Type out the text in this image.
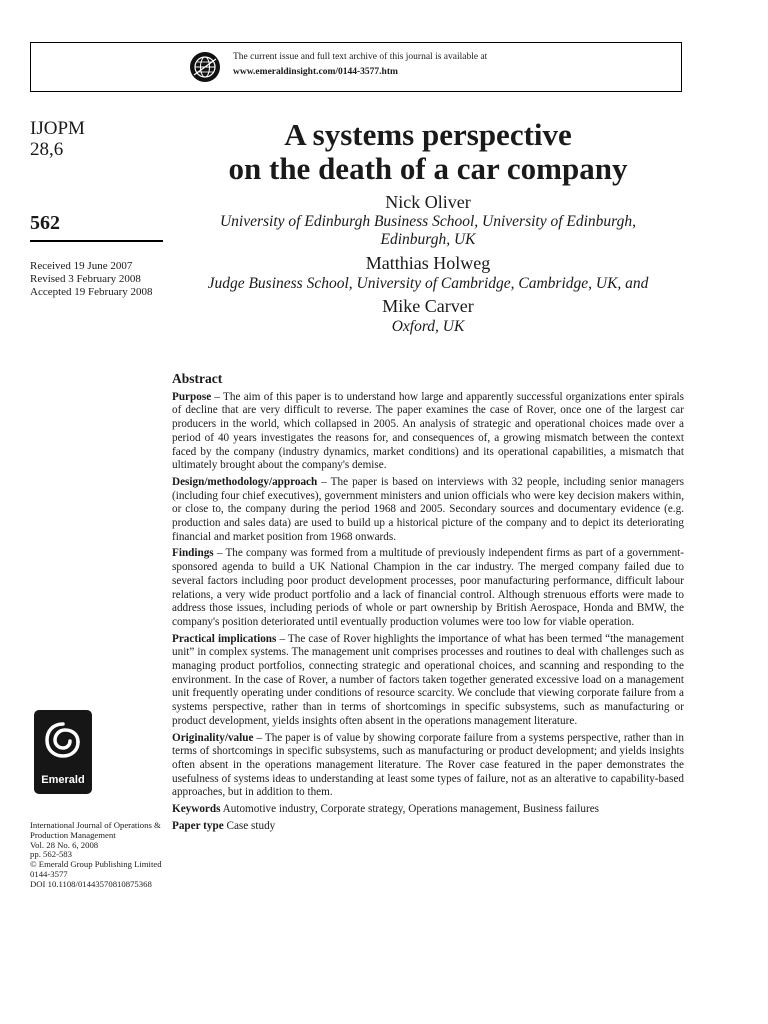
The current issue and full text archive of this journal is available at
www.emeraldinsight.com/0144-3577.htm
IJOPM
28,6
562
Received 19 June 2007
Revised 3 February 2008
Accepted 19 February 2008
A systems perspective
on the death of a car company
Nick Oliver
University of Edinburgh Business School, University of Edinburgh,
Edinburgh, UK
Matthias Holweg
Judge Business School, University of Cambridge, Cambridge, UK, and
Mike Carver
Oxford, UK
Abstract

Purpose – The aim of this paper is to understand how large and apparently successful organizations enter spirals of decline that are very difficult to reverse. The paper examines the case of Rover, once one of the largest car producers in the world, which collapsed in 2005. An analysis of strategic and operational choices made over a period of 40 years investigates the reasons for, and consequences of, a growing mismatch between the context faced by the company (industry dynamics, market conditions) and its operational capabilities, a mismatch that ultimately brought about the company's demise.

Design/methodology/approach – The paper is based on interviews with 32 people, including senior managers (including four chief executives), government ministers and union officials who were key decision makers within, or close to, the company during the period 1968 and 2005. Secondary sources and documentary evidence (e.g. production and sales data) are used to build up a historical picture of the company and to depict its deteriorating financial and market position from 1968 onwards.

Findings – The company was formed from a multitude of previously independent firms as part of a government-sponsored agenda to build a UK National Champion in the car industry. The merged company failed due to several factors including poor product development processes, poor manufacturing performance, difficult labour relations, a very wide product portfolio and a lack of financial control. Although strenuous efforts were made to address those issues, including periods of whole or part ownership by British Aerospace, Honda and BMW, the company's position deteriorated until eventually production volumes were too low for viable operation.

Practical implications – The case of Rover highlights the importance of what has been termed “the management unit” in complex systems. The management unit comprises processes and routines to deal with challenges such as managing product portfolios, connecting strategic and operational choices, and scanning and responding to the environment. In the case of Rover, a number of factors taken together generated excessive load on a management unit frequently operating under conditions of resource scarcity. We conclude that viewing corporate failure from a systems perspective, rather than in terms of shortcomings in specific subsystems, such as manufacturing or product development, yields insights often absent in the operations management literature.

Originality/value – The paper is of value by showing corporate failure from a systems perspective, rather than in terms of shortcomings in specific subsystems, such as manufacturing or product development; and yields insights often absent in the operations management literature. The Rover case featured in the paper demonstrates the usefulness of systems ideas to understanding at least some types of failure, not as an alterative to capability-based approaches, but in addition to them.

Keywords Automotive industry, Corporate strategy, Operations management, Business failures

Paper type Case study

Emerald
International Journal of Operations &
Production Management
Vol. 28 No. 6, 2008
pp. 562-583
© Emerald Group Publishing Limited
0144-3577
DOI 10.1108/01443570810875368
